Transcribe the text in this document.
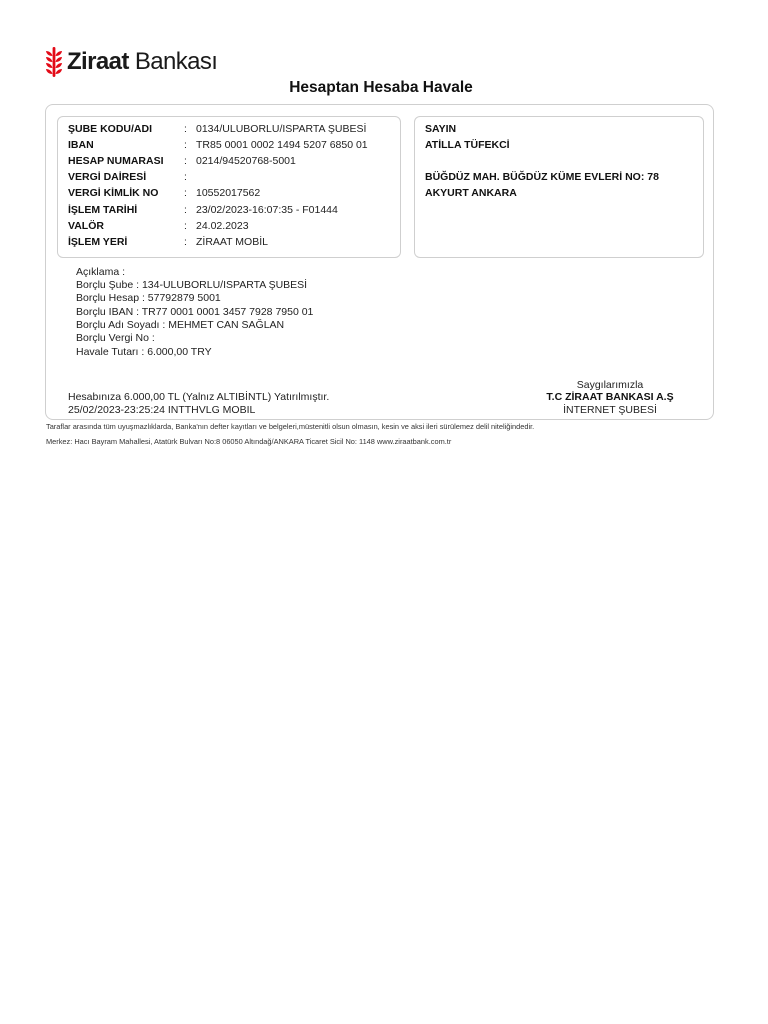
Ziraat Bankası
Hesaptan Hesaba Havale
ŞUBE KODU/ADI	: 0134/ULUBORLU/ISPARTA ŞUBESİ
IBAN	: TR85 0001 0002 1494 5207 6850 01
HESAP NUMARASI	: 0214/94520768-5001
VERGİ DAİRESİ	:
VERGİ KİMLİK NO	: 10552017562
İŞLEM TARİHİ	: 23/02/2023-16:07:35 - F01444
VALÖR	: 24.02.2023
İŞLEM YERİ	: ZİRAAT MOBİL
SAYIN
ATİLLA TÜFEKCİ
BÜĞDÜZ MAH. BÜĞDÜZ KÜME EVLERİ NO: 78
AKYURT ANKARA
Açıklama :
Borçlu Şube : 134-ULUBORLU/ISPARTA ŞUBESİ
Borçlu Hesap : 57792879 5001
Borçlu IBAN : TR77 0001 0001 3457 7928 7950 01
Borçlu Adı Soyadı : MEHMET CAN SAĞLAN
Borçlu Vergi No :
Havale Tutarı : 6.000,00 TRY
Hesabınıza 6.000,00 TL (Yalnız ALTIBİNTL) Yatırılmıştır.
25/02/2023-23:25:24 INTTHVLG MOBIL
Saygılarımızla
T.C ZİRAAT BANKASI A.Ş
İNTERNET ŞUBESİ
Taraflar arasında tüm uyuşmazlıklarda, Banka'nın defter kayıtları ve belgeleri,müstenitli olsun olmasın, kesin ve aksi ileri sürülemez delil niteliğindedir.
Merkez: Hacı Bayram Mahallesi, Atatürk Bulvarı No:8 06050 Altındağ/ANKARA Ticaret Sicil No: 1148 www.ziraatbank.com.tr
